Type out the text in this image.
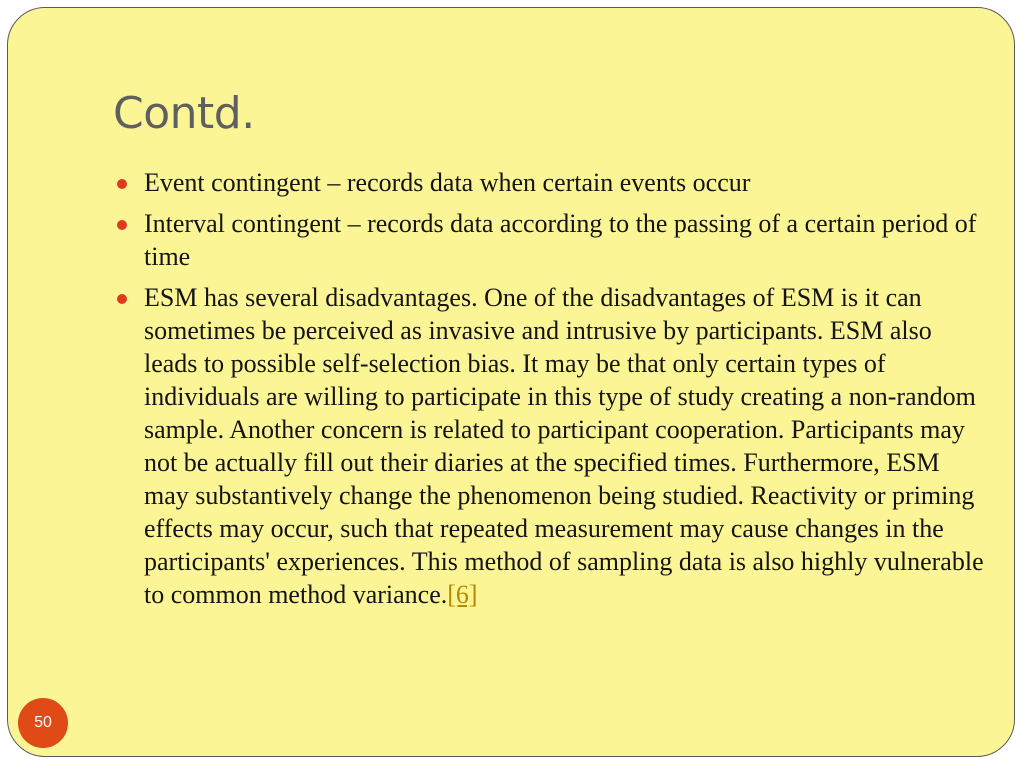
Contd.
Event contingent – records data when certain events occur
Interval contingent – records data according to the passing of a certain period of time
ESM has several disadvantages. One of the disadvantages of ESM is it can sometimes be perceived as invasive and intrusive by participants. ESM also leads to possible self-selection bias. It may be that only certain types of individuals are willing to participate in this type of study creating a non-random sample. Another concern is related to participant cooperation. Participants may not be actually fill out their diaries at the specified times. Furthermore, ESM may substantively change the phenomenon being studied. Reactivity or priming effects may occur, such that repeated measurement may cause changes in the participants' experiences. This method of sampling data is also highly vulnerable to common method variance.[6]
50
